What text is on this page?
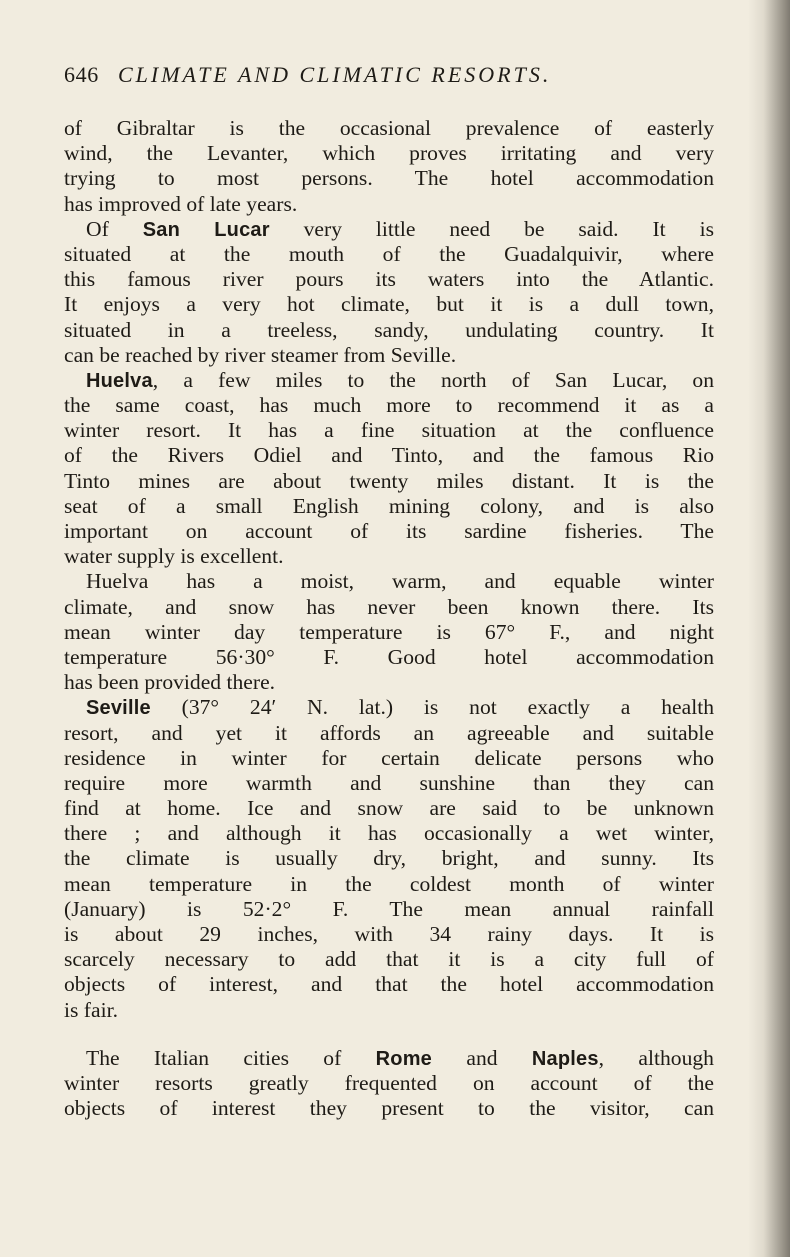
646 CLIMATE AND CLIMATIC RESORTS.
of Gibraltar is the occasional prevalence of easterly
wind, the Levanter, which proves irritating and very
trying to most persons. The hotel accommodation
has improved of late years.
Of San Lucar very little need be said. It is
situated at the mouth of the Guadalquivir, where
this famous river pours its waters into the Atlantic.
It enjoys a very hot climate, but it is a dull town,
situated in a treeless, sandy, undulating country. It
can be reached by river steamer from Seville.
Huelva, a few miles to the north of San Lucar, on
the same coast, has much more to recommend it as a
winter resort. It has a fine situation at the confluence
of the Rivers Odiel and Tinto, and the famous Rio
Tinto mines are about twenty miles distant. It is the
seat of a small English mining colony, and is also
important on account of its sardine fisheries. The
water supply is excellent.
Huelva has a moist, warm, and equable winter
climate, and snow has never been known there. Its
mean winter day temperature is 67° F., and night
temperature 56·30° F. Good hotel accommodation
has been provided there.
Seville (37° 24′ N. lat.) is not exactly a health
resort, and yet it affords an agreeable and suitable
residence in winter for certain delicate persons who
require more warmth and sunshine than they can
find at home. Ice and snow are said to be unknown
there ; and although it has occasionally a wet winter,
the climate is usually dry, bright, and sunny. Its
mean temperature in the coldest month of winter
(January) is 52·2° F. The mean annual rainfall
is about 29 inches, with 34 rainy days. It is
scarcely necessary to add that it is a city full of
objects of interest, and that the hotel accommodation
is fair.
The Italian cities of Rome and Naples, although
winter resorts greatly frequented on account of the
objects of interest they present to the visitor, can
